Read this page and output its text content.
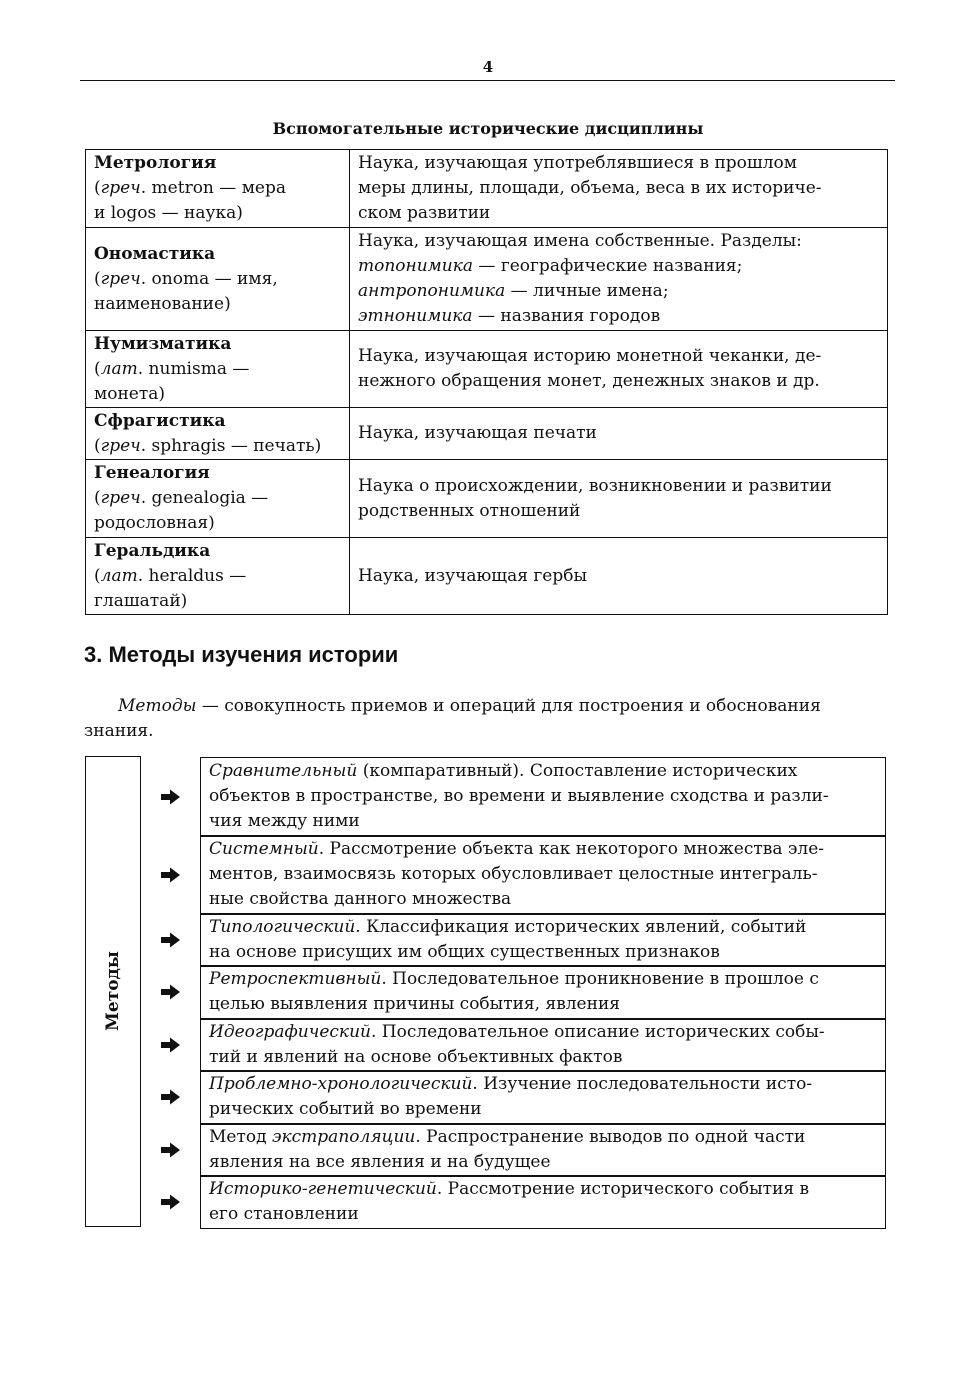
4
Вспомогательные исторические дисциплины
Метрология
(греч. metron — мера
и logos — наука)	Наука, изучающая употреблявшиеся в прошлом
меры длины, площади, объема, веса в их историче-
ском развитии

Ономастика
(греч. onoma — имя,
наименование)	Наука, изучающая имена собственные. Разделы:
топонимика — географические названия;
антропонимика — личные имена;
этнонимика — названия городов

Нумизматика
(лат. numisma —
монета)	Наука, изучающая историю монетной чеканки, де-
нежного обращения монет, денежных знаков и др.

Сфрагистика
(греч. sphragis — печать)	Наука, изучающая печати

Генеалогия
(греч. genealogia —
родословная)	Наука о происхождении, возникновении и развитии
родственных отношений

Геральдика
(лат. heraldus —
глашатай)	Наука, изучающая гербы
3. Методы изучения истории
Методы — совокупность приемов и операций для построения и обоснования знания.
Методы
Сравнительный (компаративный). Сопоставление исторических
объектов в пространстве, во времени и выявление сходства и разли-
чия между ними
Системный. Рассмотрение объекта как некоторого множества эле-
ментов, взаимосвязь которых обусловливает целостные интеграль-
ные свойства данного множества
Типологический. Классификация исторических явлений, событий
на основе присущих им общих существенных признаков
Ретроспективный. Последовательное проникновение в прошлое с
целью выявления причины события, явления
Идеографический. Последовательное описание исторических собы-
тий и явлений на основе объективных фактов
Проблемно-хронологический. Изучение последовательности исто-
рических событий во времени
Метод экстраполяции. Распространение выводов по одной части
явления на все явления и на будущее
Историко-генетический. Рассмотрение исторического события в
его становлении
